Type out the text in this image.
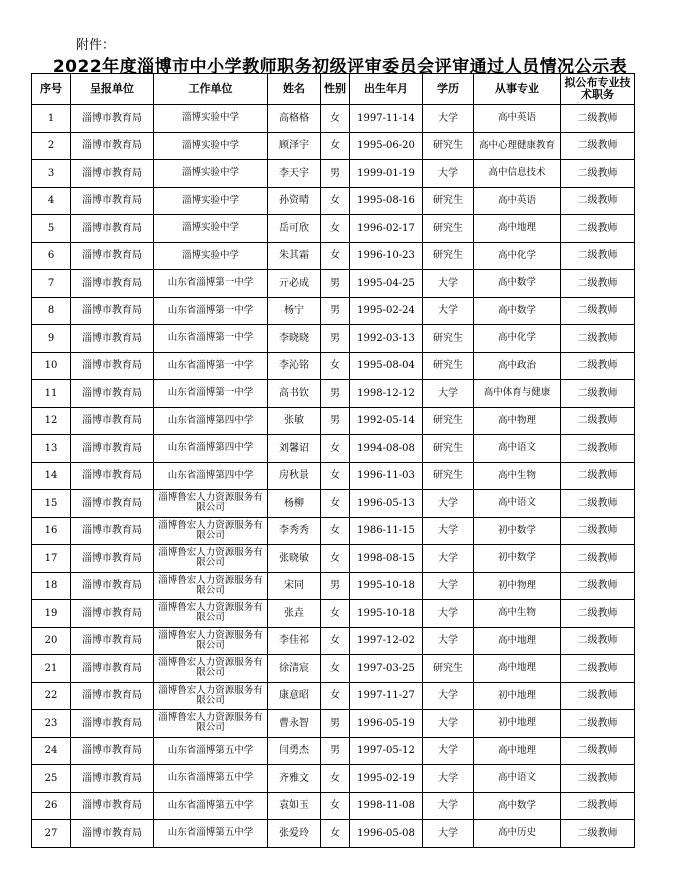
附件：
2022年度淄博市中小学教师职务初级评审委员会评审通过人员情况公示表
序号	呈报单位	工作单位	姓名	性别	出生年月	学历	从事专业	拟公布专业技术职务
1	淄博市教育局	淄博实验中学	高格格	女	1997-11-14	大学	高中英语	二级教师
2	淄博市教育局	淄博实验中学	顾泽宇	女	1995-06-20	研究生	高中心理健康教育	二级教师
3	淄博市教育局	淄博实验中学	李天宇	男	1999-01-19	大学	高中信息技术	二级教师
4	淄博市教育局	淄博实验中学	孙资晴	女	1995-08-16	研究生	高中英语	二级教师
5	淄博市教育局	淄博实验中学	岳可欣	女	1996-02-17	研究生	高中地理	二级教师
6	淄博市教育局	淄博实验中学	朱其霜	女	1996-10-23	研究生	高中化学	二级教师
7	淄博市教育局	山东省淄博第一中学	亓必成	男	1995-04-25	大学	高中数学	二级教师
8	淄博市教育局	山东省淄博第一中学	杨宁	男	1995-02-24	大学	高中数学	二级教师
9	淄博市教育局	山东省淄博第一中学	李晓晓	男	1992-03-13	研究生	高中化学	二级教师
10	淄博市教育局	山东省淄博第一中学	李沁铭	女	1995-08-04	研究生	高中政治	二级教师
11	淄博市教育局	山东省淄博第一中学	高书钦	男	1998-12-12	大学	高中体育与健康	二级教师
12	淄博市教育局	山东省淄博第四中学	张敏	男	1992-05-14	研究生	高中物理	二级教师
13	淄博市教育局	山东省淄博第四中学	刘馨诏	女	1994-08-08	研究生	高中语文	二级教师
14	淄博市教育局	山东省淄博第四中学	房秋景	女	1996-11-03	研究生	高中生物	二级教师
15	淄博市教育局	淄博鲁宏人力资源服务有限公司	杨柳	女	1996-05-13	大学	高中语文	二级教师
16	淄博市教育局	淄博鲁宏人力资源服务有限公司	李秀秀	女	1986-11-15	大学	初中数学	二级教师
17	淄博市教育局	淄博鲁宏人力资源服务有限公司	张晓敏	女	1998-08-15	大学	初中数学	二级教师
18	淄博市教育局	淄博鲁宏人力资源服务有限公司	宋同	男	1995-10-18	大学	初中物理	二级教师
19	淄博市教育局	淄博鲁宏人力资源服务有限公司	张垚	女	1995-10-18	大学	高中生物	二级教师
20	淄博市教育局	淄博鲁宏人力资源服务有限公司	李佳祁	女	1997-12-02	大学	高中地理	二级教师
21	淄博市教育局	淄博鲁宏人力资源服务有限公司	徐清宸	女	1997-03-25	研究生	高中地理	二级教师
22	淄博市教育局	淄博鲁宏人力资源服务有限公司	康意昭	女	1997-11-27	大学	初中地理	二级教师
23	淄博市教育局	淄博鲁宏人力资源服务有限公司	曹永智	男	1996-05-19	大学	初中地理	二级教师
24	淄博市教育局	山东省淄博第五中学	闫勇杰	男	1997-05-12	大学	高中地理	二级教师
25	淄博市教育局	山东省淄博第五中学	齐雅文	女	1995-02-19	大学	高中语文	二级教师
26	淄博市教育局	山东省淄博第五中学	袁如玉	女	1998-11-08	大学	高中数学	二级教师
27	淄博市教育局	山东省淄博第五中学	张爱玲	女	1996-05-08	大学	高中历史	二级教师
